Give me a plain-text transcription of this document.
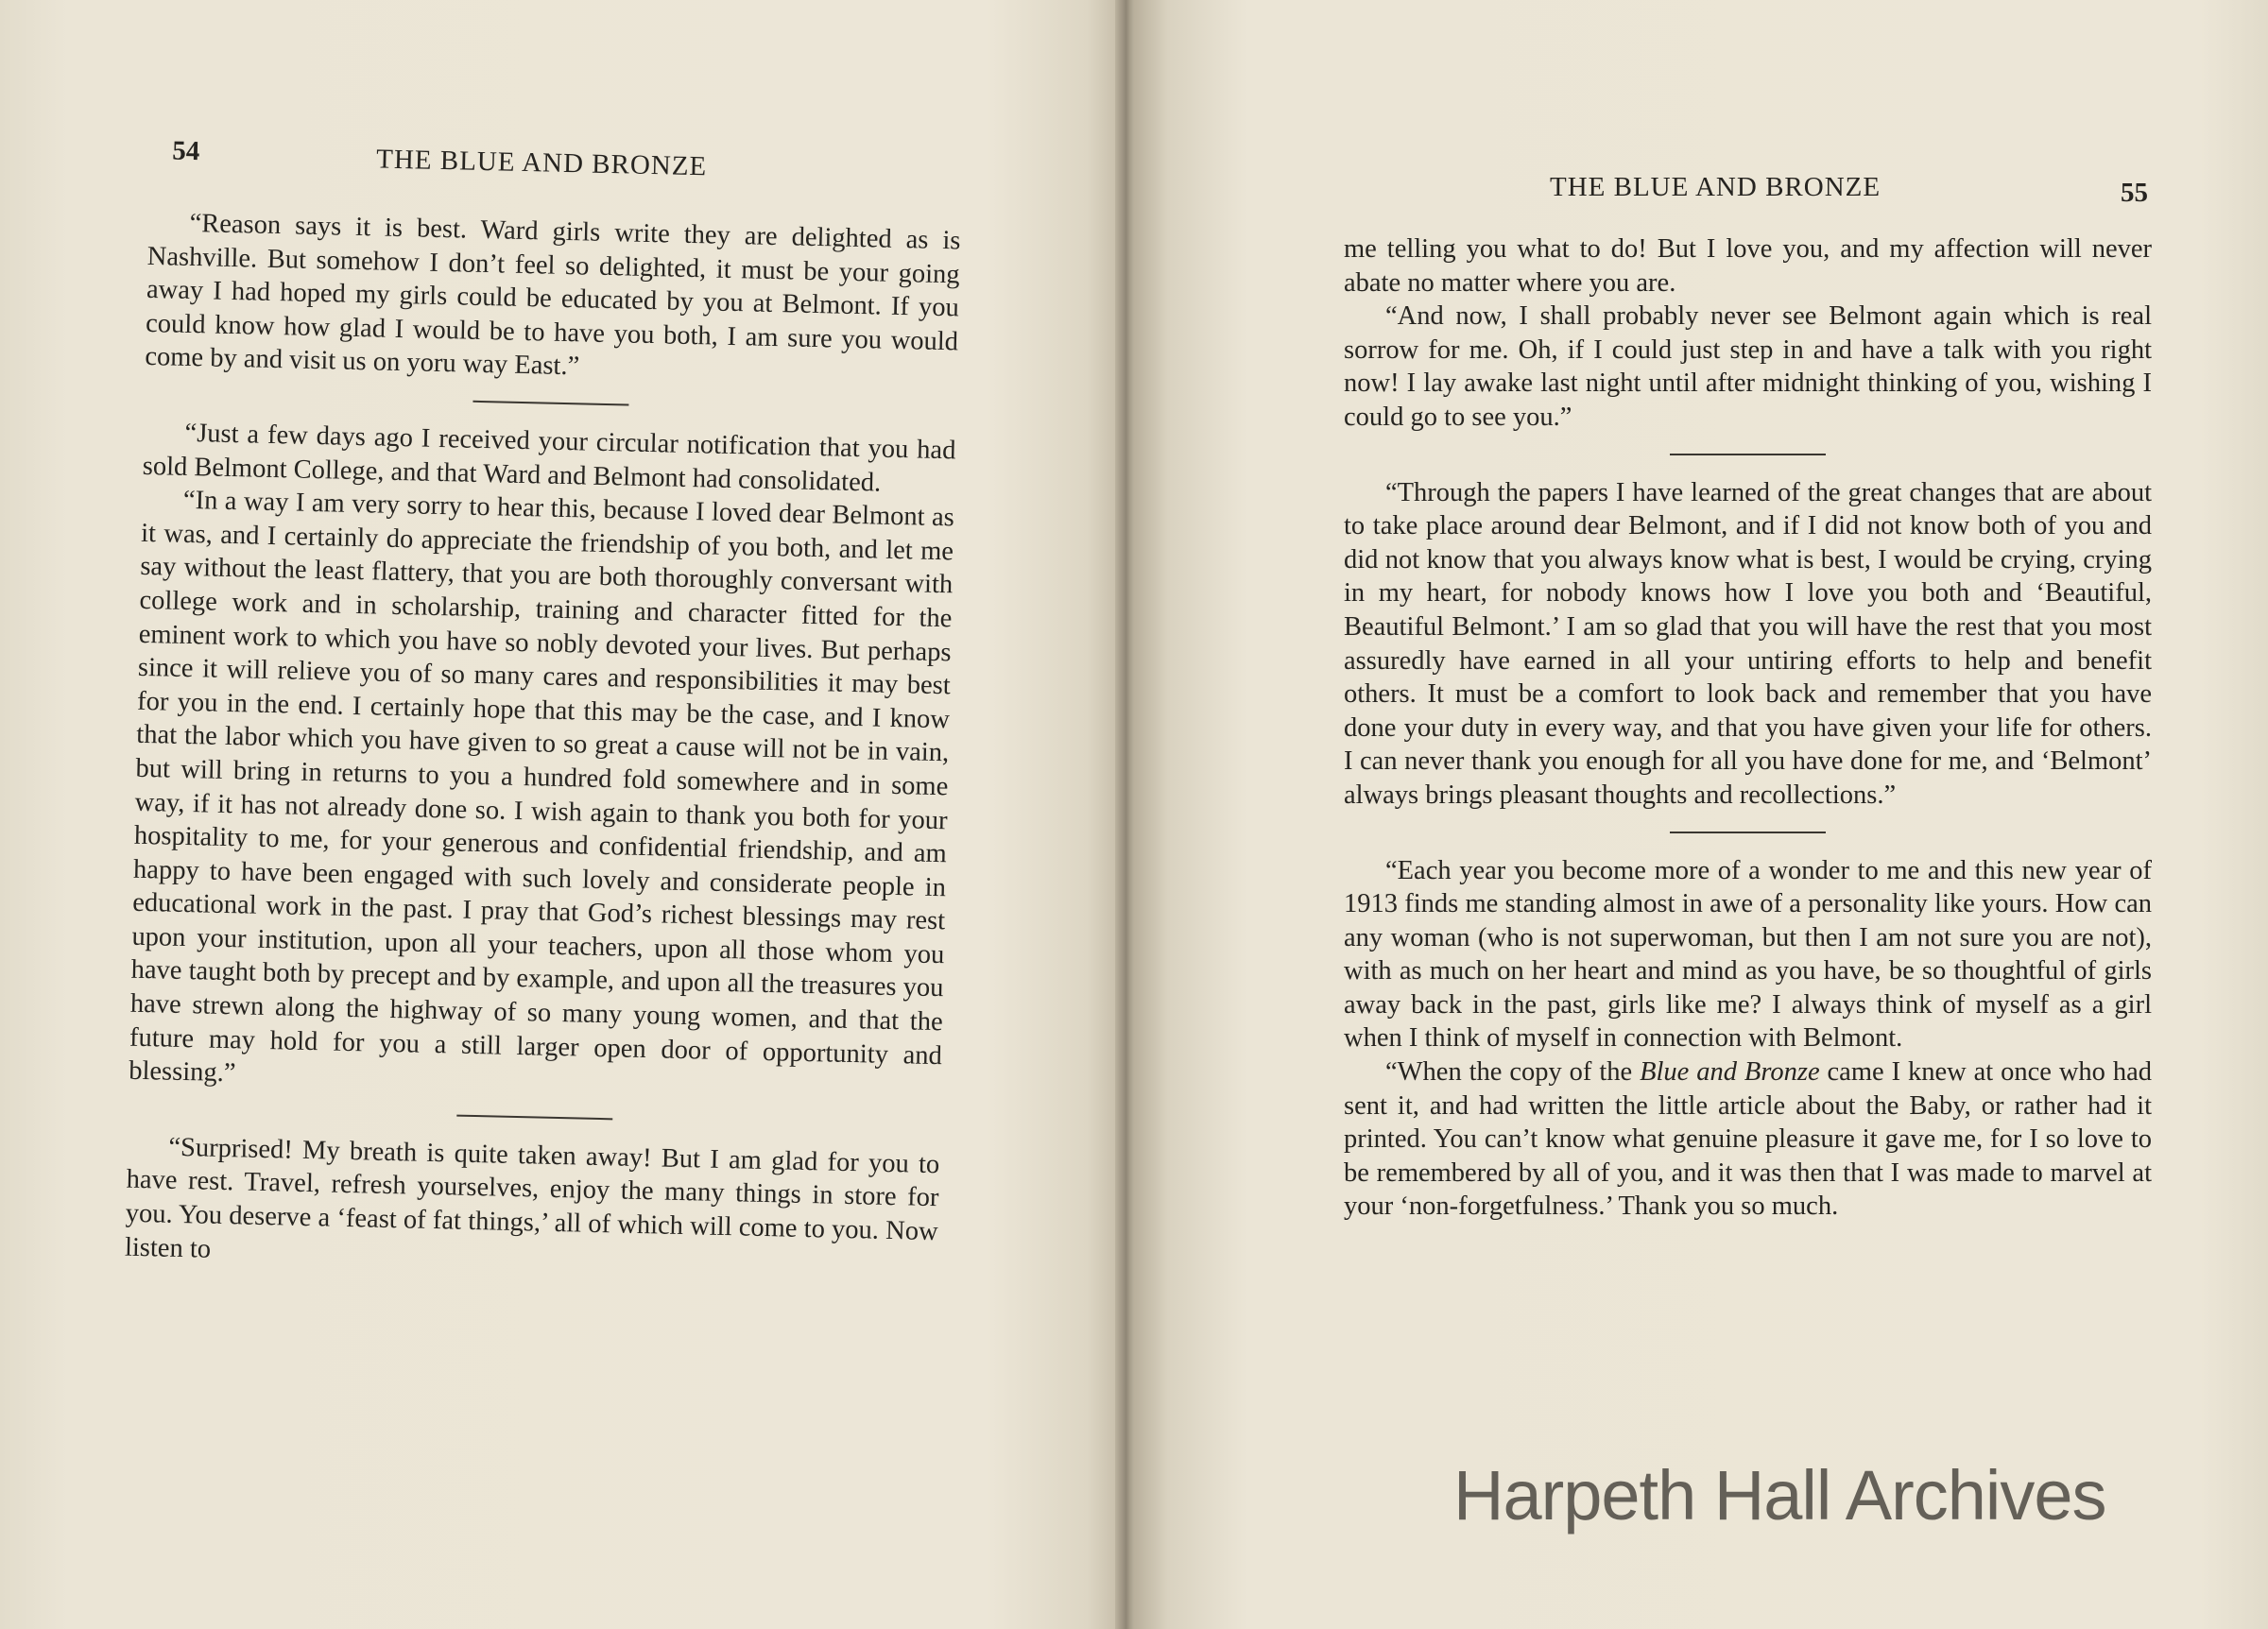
54	THE BLUE AND BRONZE

“Reason says it is best. Ward girls write they are delighted as is Nashville. But somehow I don’t feel so delighted, it must be your going away I had hoped my girls could be educated by you at Belmont. If you could know how glad I would be to have you both, I am sure you would come by and visit us on yoru way East.”

“Just a few days ago I received your circular notification that you had sold Belmont College, and that Ward and Belmont had consolidated.

“In a way I am very sorry to hear this, because I loved dear Belmont as it was, and I certainly do appreciate the friendship of you both, and let me say without the least flattery, that you are both thoroughly conversant with college work and in scholarship, training and character fitted for the eminent work to which you have so nobly devoted your lives. But perhaps since it will relieve you of so many cares and responsibilities it may best for you in the end. I certainly hope that this may be the case, and I know that the labor which you have given to so great a cause will not be in vain, but will bring in returns to you a hundred fold somewhere and in some way, if it has not already done so. I wish again to thank you both for your hospitality to me, for your generous and confidential friendship, and am happy to have been engaged with such lovely and considerate people in educational work in the past. I pray that God’s richest blessings may rest upon your institution, upon all your teachers, upon all those whom you have taught both by precept and by example, and upon all the treasures you have strewn along the highway of so many young women, and that the future may hold for you a still larger open door of opportunity and blessing.”

“Surprised! My breath is quite taken away! But I am glad for you to have rest. Travel, refresh yourselves, enjoy the many things in store for you. You deserve a ‘feast of fat things,’ all of which will come to you. Now listen to

THE BLUE AND BRONZE	55

me telling you what to do! But I love you, and my affection will never abate no matter where you are.

“And now, I shall probably never see Belmont again which is real sorrow for me. Oh, if I could just step in and have a talk with you right now! I lay awake last night until after midnight thinking of you, wishing I could go to see you.”

“Through the papers I have learned of the great changes that are about to take place around dear Belmont, and if I did not know both of you and did not know that you always know what is best, I would be crying, crying in my heart, for nobody knows how I love you both and ‘Beautiful, Beautiful Belmont.’ I am so glad that you will have the rest that you most assuredly have earned in all your untiring efforts to help and benefit others. It must be a comfort to look back and remember that you have done your duty in every way, and that you have given your life for others. I can never thank you enough for all you have done for me, and ‘Belmont’ always brings pleasant thoughts and recollections.”

“Each year you become more of a wonder to me and this new year of 1913 finds me standing almost in awe of a personality like yours. How can any woman (who is not superwoman, but then I am not sure you are not), with as much on her heart and mind as you have, be so thoughtful of girls away back in the past, girls like me? I always think of myself as a girl when I think of myself in connection with Belmont.

“When the copy of the Blue and Bronze came I knew at once who had sent it, and had written the little article about the Baby, or rather had it printed. You can’t know what genuine pleasure it gave me, for I so love to be remembered by all of you, and it was then that I was made to marvel at your ‘non-forgetfulness.’ Thank you so much.

Harpeth Hall Archives
